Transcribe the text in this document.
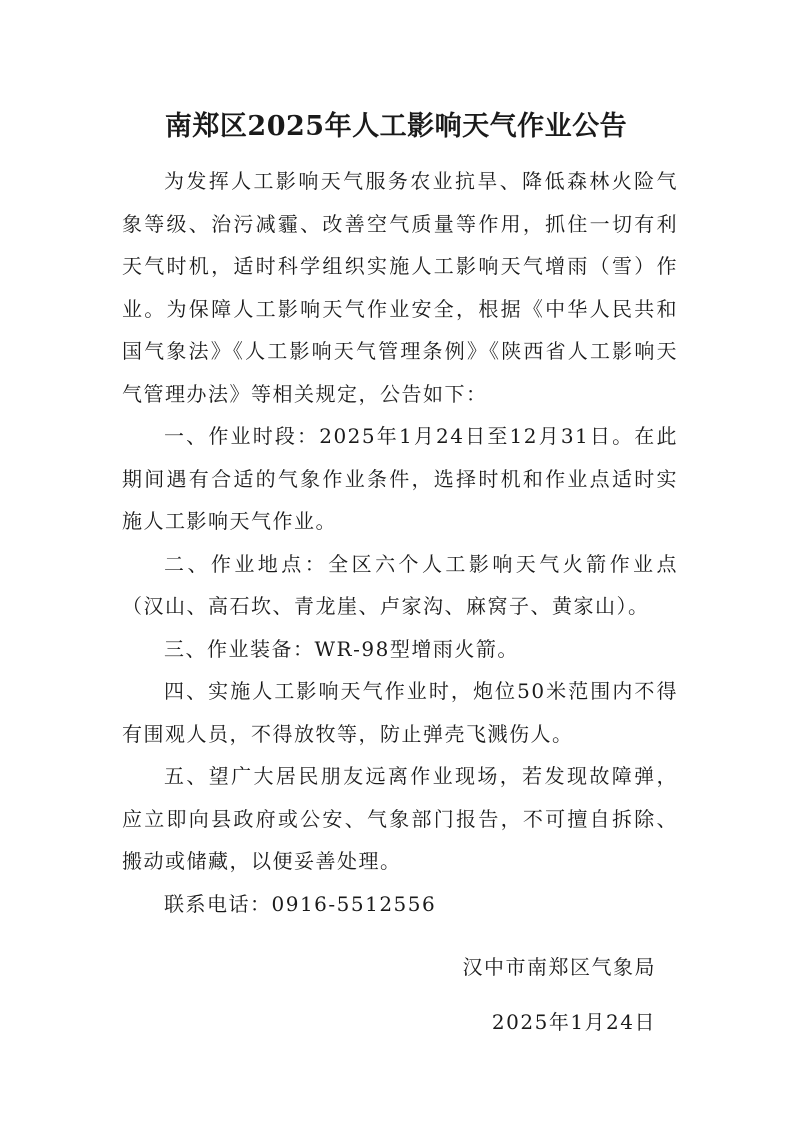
南郑区2025年人工影响天气作业公告

为发挥人工影响天气服务农业抗旱、降低森林火险气象等级、治污减霾、改善空气质量等作用，抓住一切有利天气时机，适时科学组织实施人工影响天气增雨（雪）作业。为保障人工影响天气作业安全，根据《中华人民共和国气象法》《人工影响天气管理条例》《陕西省人工影响天气管理办法》等相关规定，公告如下：

一、作业时段：2025年1月24日至12月31日。在此期间遇有合适的气象作业条件，选择时机和作业点适时实施人工影响天气作业。

二、作业地点：全区六个人工影响天气火箭作业点（汉山、高石坎、青龙崖、卢家沟、麻窝子、黄家山）。

三、作业装备：WR-98型增雨火箭。

四、实施人工影响天气作业时，炮位50米范围内不得有围观人员，不得放牧等，防止弹壳飞溅伤人。

五、望广大居民朋友远离作业现场，若发现故障弹，应立即向县政府或公安、气象部门报告，不可擅自拆除、搬动或储藏，以便妥善处理。

联系电话：0916-5512556

汉中市南郑区气象局
2025年1月24日
